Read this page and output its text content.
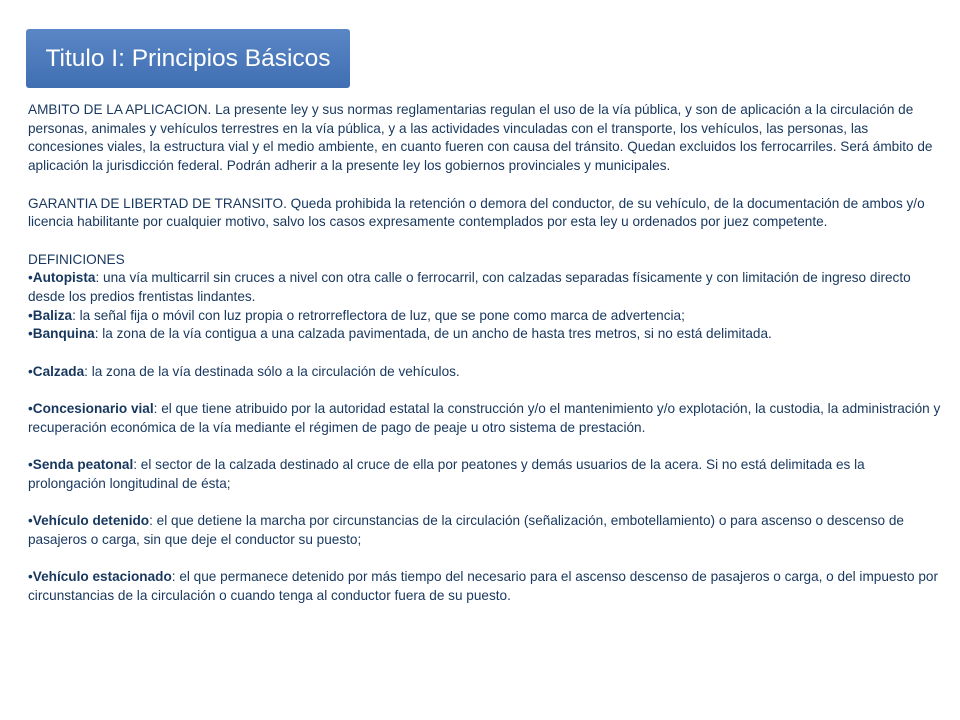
Titulo I: Principios Básicos

AMBITO DE LA APLICACION. La presente ley y sus normas reglamentarias regulan el uso de la vía pública, y son de aplicación a la circulación de personas, animales y vehículos terrestres en la vía pública, y a las actividades vinculadas con el transporte, los vehículos, las personas, las concesiones viales, la estructura vial y el medio ambiente, en cuanto fueren con causa del tránsito. Quedan excluidos los ferrocarriles. Será ámbito de aplicación la jurisdicción federal. Podrán adherir a la presente ley los gobiernos provinciales y municipales.

GARANTIA DE LIBERTAD DE TRANSITO. Queda prohibida la retención o demora del conductor, de su vehículo, de la documentación de ambos y/o licencia habilitante por cualquier motivo, salvo los casos expresamente contemplados por esta ley u ordenados por juez competente.

DEFINICIONES

•Autopista: una vía multicarril sin cruces a nivel con otra calle o ferrocarril, con calzadas separadas físicamente y con limitación de ingreso directo desde los predios frentistas lindantes.

•Baliza: la señal fija o móvil con luz propia o retrorreflectora de luz, que se pone como marca de advertencia;

•Banquina: la zona de la vía contigua a una calzada pavimentada, de un ancho de hasta tres metros, si no está delimitada.

•Calzada: la zona de la vía destinada sólo a la circulación de vehículos.

•Concesionario vial: el que tiene atribuido por la autoridad estatal la construcción y/o el mantenimiento y/o explotación, la custodia, la administración y recuperación económica de la vía mediante el régimen de pago de peaje u otro sistema de prestación.

•Senda peatonal: el sector de la calzada destinado al cruce de ella por peatones y demás usuarios de la acera. Si no está delimitada es la prolongación longitudinal de ésta;

•Vehículo detenido: el que detiene la marcha por circunstancias de la circulación (señalización, embotellamiento) o para ascenso o descenso de pasajeros o carga, sin que deje el conductor su puesto;

•Vehículo estacionado: el que permanece detenido por más tiempo del necesario para el ascenso descenso de pasajeros o carga, o del impuesto por circunstancias de la circulación o cuando tenga al conductor fuera de su puesto.
